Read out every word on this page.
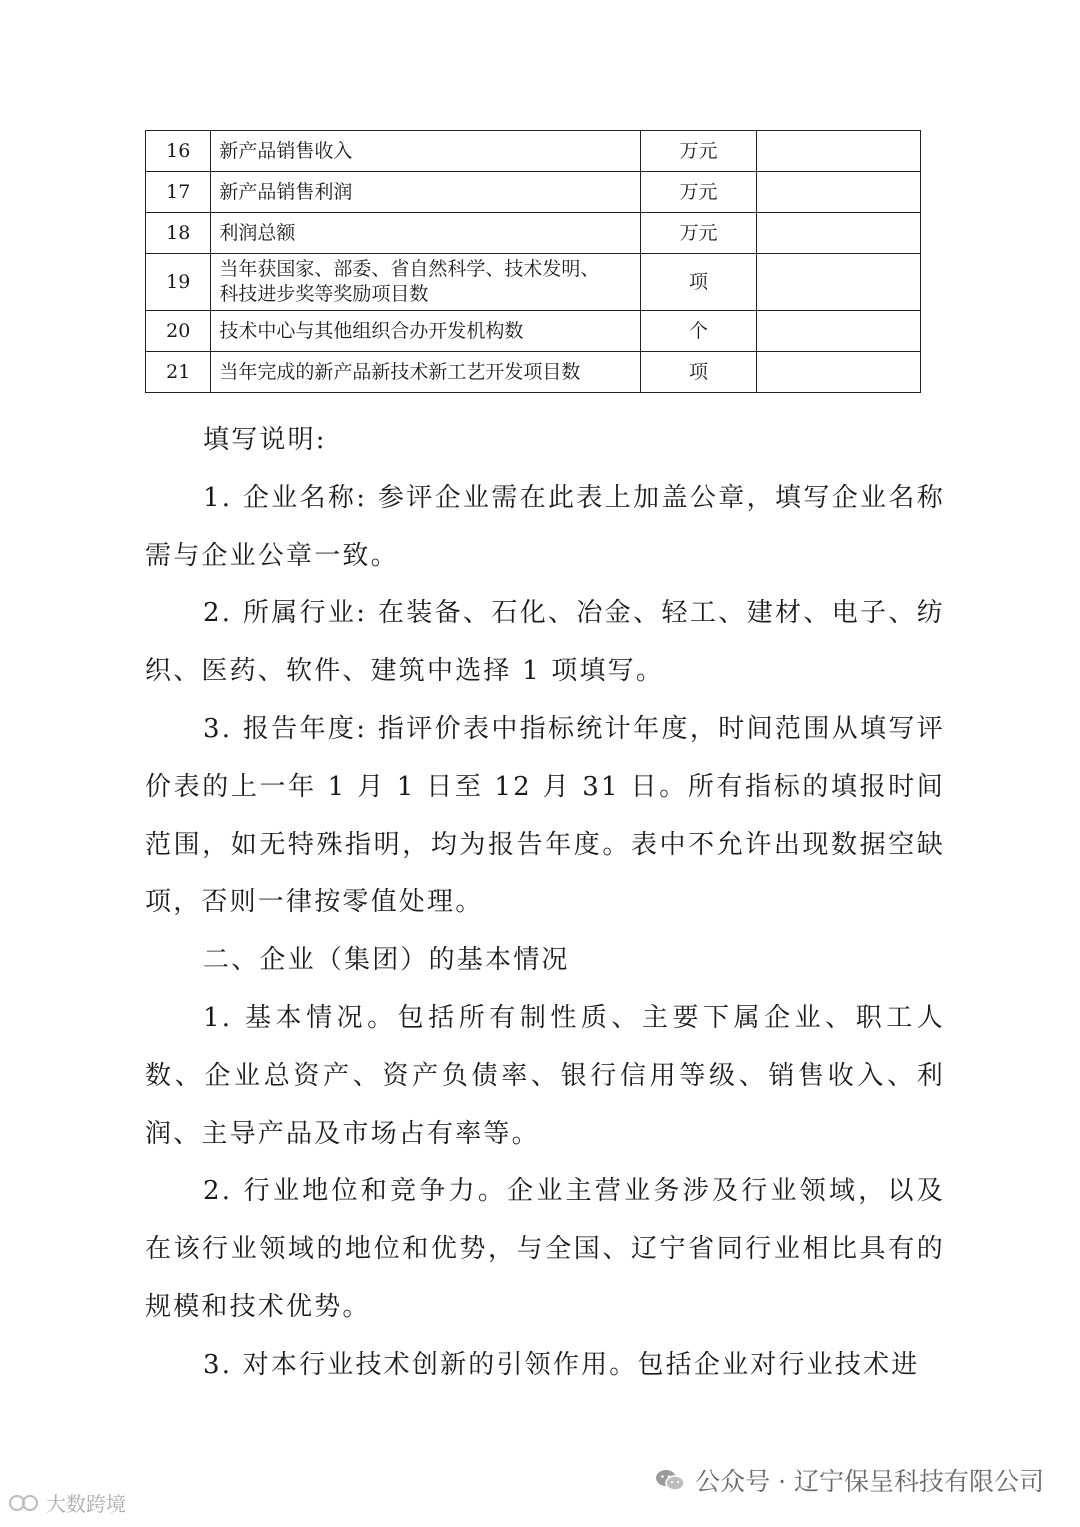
16	新产品销售收入	万元	
17	新产品销售利润	万元	
18	利润总额	万元	
19	当年获国家、部委、省自然科学、技术发明、
科技进步奖等奖励项目数	项	
20	技术中心与其他组织合办开发机构数	个	
21	当年完成的新产品新技术新工艺开发项目数	项	

填写说明:

1. 企业名称: 参评企业需在此表上加盖公章，填写企业名称需与企业公章一致。

2. 所属行业: 在装备、石化、冶金、轻工、建材、电子、纺织、医药、软件、建筑中选择 1 项填写。

3. 报告年度: 指评价表中指标统计年度，时间范围从填写评价表的上一年 1 月 1 日至 12 月 31 日。所有指标的填报时间范围，如无特殊指明，均为报告年度。表中不允许出现数据空缺项，否则一律按零值处理。

二、企业（集团）的基本情况

1. 基本情况。包括所有制性质、主要下属企业、职工人数、企业总资产、资产负债率、银行信用等级、销售收入、利润、主导产品及市场占有率等。

2. 行业地位和竞争力。企业主营业务涉及行业领域，以及在该行业领域的地位和优势，与全国、辽宁省同行业相比具有的规模和技术优势。

3. 对本行业技术创新的引领作用。包括企业对行业技术进

公众号 · 辽宁保呈科技有限公司
大数跨境
